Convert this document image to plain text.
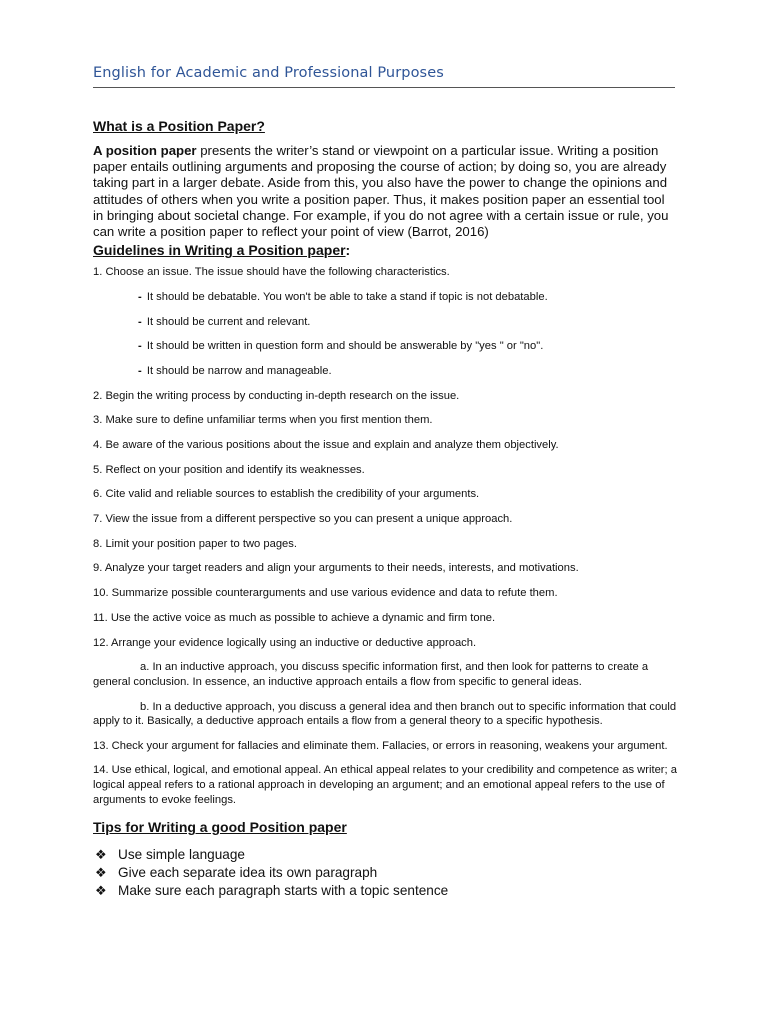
English for Academic and Professional Purposes
What is a Position Paper?

A position paper presents the writer’s stand or viewpoint on a particular issue. Writing a position paper entails outlining arguments and proposing the course of action; by doing so, you are already taking part in a larger debate. Aside from this, you also have the power to change the opinions and attitudes of others when you write a position paper. Thus, it makes position paper an essential tool in bringing about societal change. For example, if you do not agree with a certain issue or rule, you can write a position paper to reflect your point of view (Barrot, 2016)

Guidelines in Writing a Position paper:

1. Choose an issue. The issue should have the following characteristics.

- It should be debatable. You won't be able to take a stand if topic is not debatable.

- It should be current and relevant.

- It should be written in question form and should be answerable by "yes " or "no".

- It should be narrow and manageable.

2. Begin the writing process by conducting in-depth research on the issue.

3. Make sure to define unfamiliar terms when you first mention them.

4. Be aware of the various positions about the issue and explain and analyze them objectively.

5. Reflect on your position and identify its weaknesses.

6. Cite valid and reliable sources to establish the credibility of your arguments.

7. View the issue from a different perspective so you can present a unique approach.

8. Limit your position paper to two pages.

9. Analyze your target readers and align your arguments to their needs, interests, and motivations.

10. Summarize possible counterarguments and use various evidence and data to refute them.

11. Use the active voice as much as possible to achieve a dynamic and firm tone.

12. Arrange your evidence logically using an inductive or deductive approach.

a. In an inductive approach, you discuss specific information first, and then look for patterns to create a general conclusion. In essence, an inductive approach entails a flow from specific to general ideas.

b. In a deductive approach, you discuss a general idea and then branch out to specific information that could apply to it. Basically, a deductive approach entails a flow from a general theory to a specific hypothesis.

13. Check your argument for fallacies and eliminate them. Fallacies, or errors in reasoning, weakens your argument.

14. Use ethical, logical, and emotional appeal. An ethical appeal relates to your credibility and competence as writer; a logical appeal refers to a rational approach in developing an argument; and an emotional appeal refers to the use of arguments to evoke feelings.

Tips for Writing a good Position paper
❖ Use simple language
❖ Give each separate idea its own paragraph
❖ Make sure each paragraph starts with a topic sentence
